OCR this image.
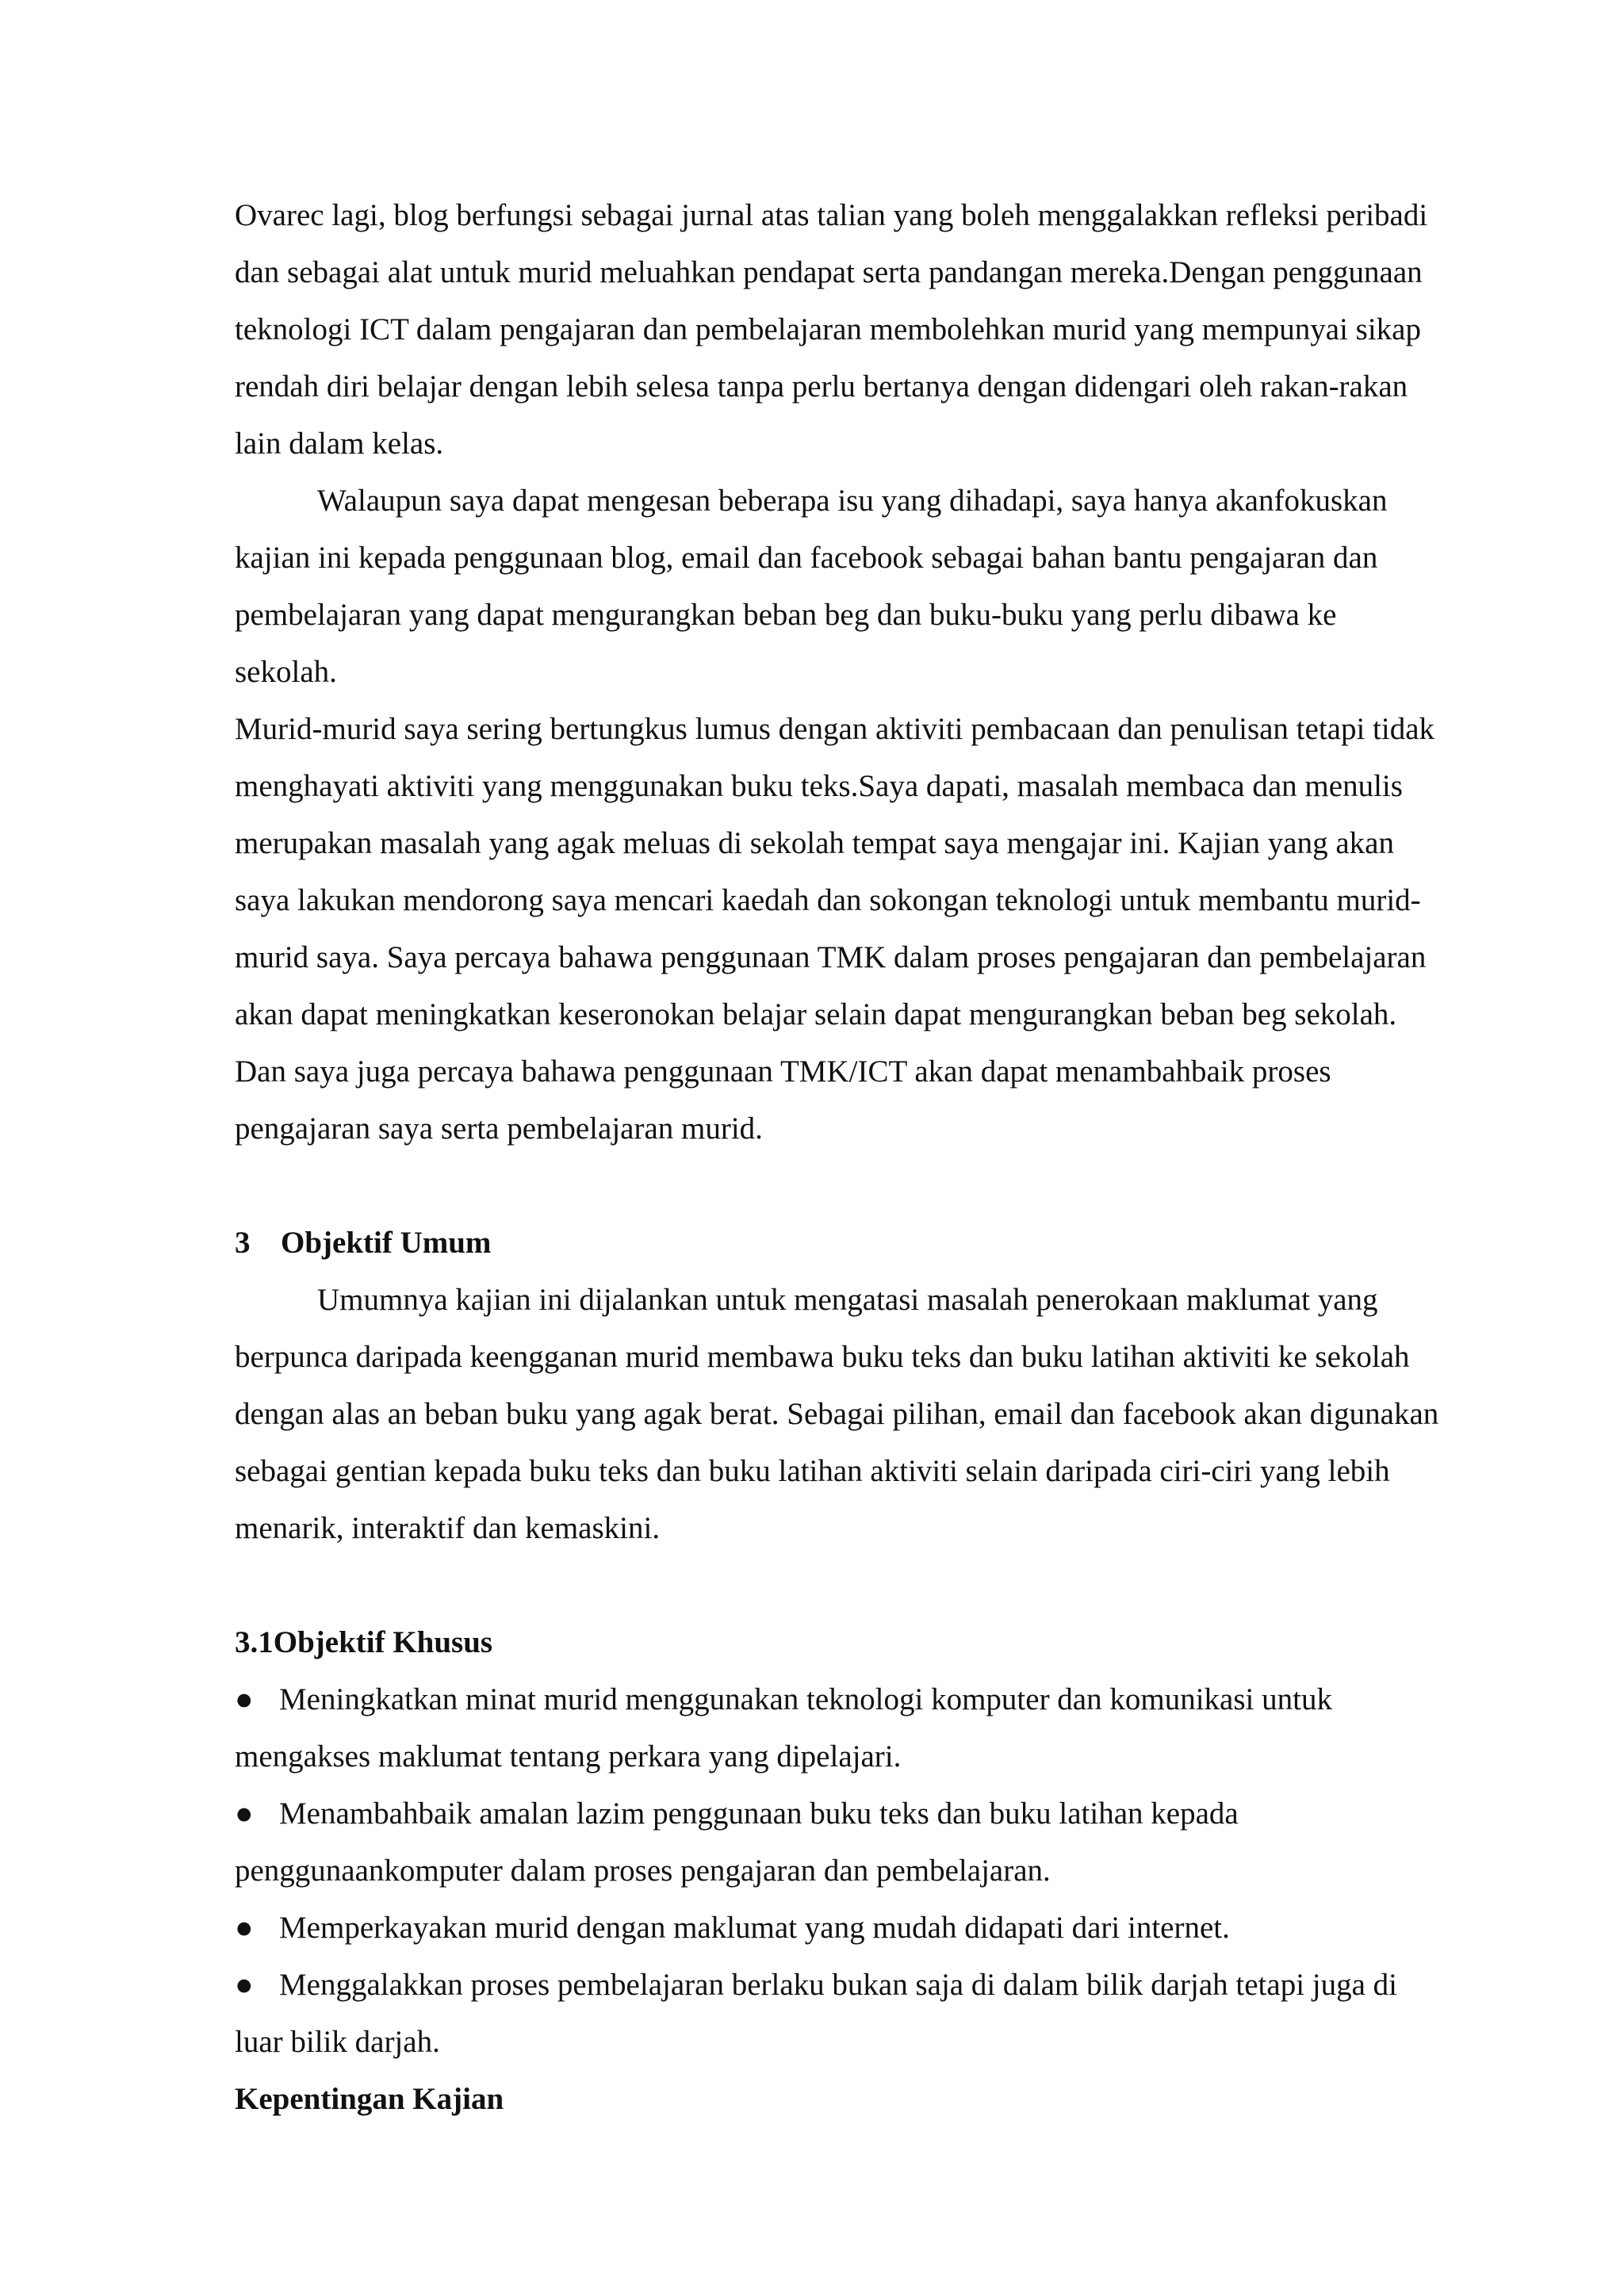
Ovarec lagi, blog berfungsi sebagai jurnal atas talian yang boleh menggalakkan refleksi peribadi dan sebagai alat untuk murid meluahkan pendapat serta pandangan mereka.Dengan penggunaan teknologi ICT dalam pengajaran dan pembelajaran membolehkan murid yang mempunyai sikap rendah diri belajar dengan lebih selesa tanpa perlu bertanya dengan didengari oleh rakan-rakan lain dalam kelas.

Walaupun saya dapat mengesan beberapa isu yang dihadapi, saya hanya akanfokuskan kajian ini kepada penggunaan blog, email dan facebook sebagai bahan bantu pengajaran dan pembelajaran yang dapat mengurangkan beban beg dan buku-buku yang perlu dibawa ke sekolah.

Murid-murid saya sering bertungkus lumus dengan aktiviti pembacaan dan penulisan tetapi tidak menghayati aktiviti yang menggunakan buku teks.Saya dapati, masalah membaca dan menulis merupakan masalah yang agak meluas di sekolah tempat saya mengajar ini. Kajian yang akan saya lakukan mendorong saya mencari kaedah dan sokongan teknologi untuk membantu murid-murid saya. Saya percaya bahawa penggunaan TMK dalam proses pengajaran dan pembelajaran akan dapat meningkatkan keseronokan belajar selain dapat mengurangkan beban beg sekolah. Dan saya juga percaya bahawa penggunaan TMK/ICT akan dapat menambahbaik proses pengajaran saya serta pembelajaran murid.

3 Objektif Umum

Umumnya kajian ini dijalankan untuk mengatasi masalah penerokaan maklumat yang berpunca daripada keengganan murid membawa buku teks dan buku latihan aktiviti ke sekolah dengan alas an beban buku yang agak berat. Sebagai pilihan, email dan facebook akan digunakan sebagai gentian kepada buku teks dan buku latihan aktiviti selain daripada ciri-ciri yang lebih menarik, interaktif dan kemaskini.

3.1Objektif Khusus

● Meningkatkan minat murid menggunakan teknologi komputer dan komunikasi untuk mengakses maklumat tentang perkara yang dipelajari.

● Menambahbaik amalan lazim penggunaan buku teks dan buku latihan kepada penggunaankomputer dalam proses pengajaran dan pembelajaran.

● Memperkayakan murid dengan maklumat yang mudah didapati dari internet.

● Menggalakkan proses pembelajaran berlaku bukan saja di dalam bilik darjah tetapi juga di luar bilik darjah.

Kepentingan Kajian
